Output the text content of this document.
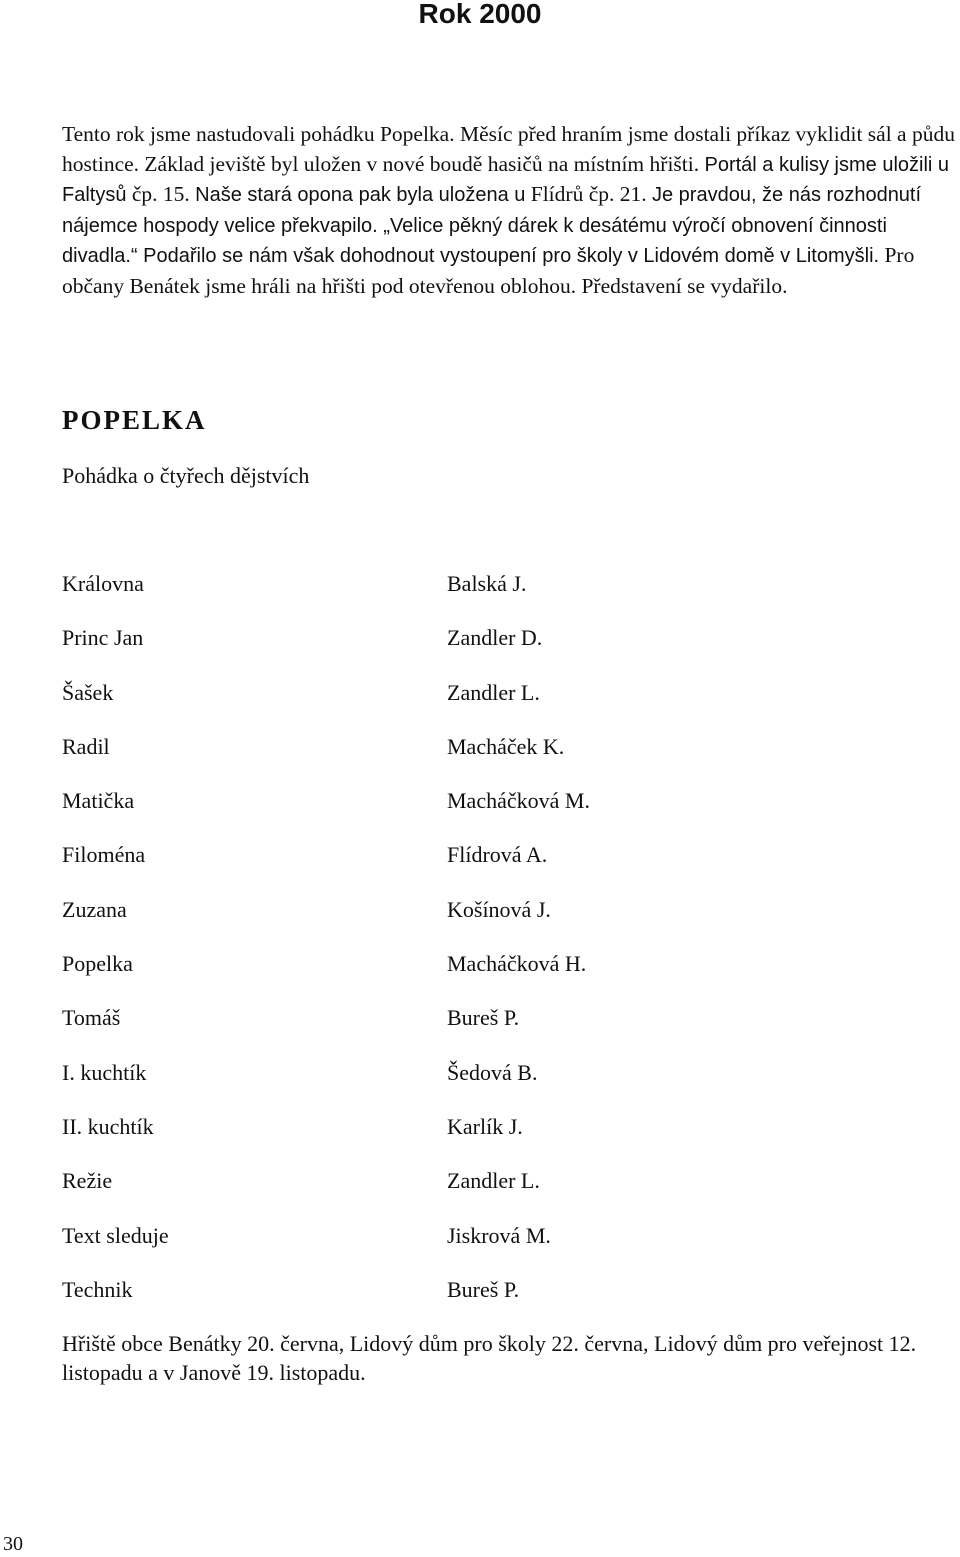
Rok 2000

Tento rok jsme nastudovali pohádku Popelka. Měsíc před hraním jsme dostali příkaz vyklidit sál a půdu hostince. Základ jeviště byl uložen v nové boudě hasičů na místním hřišti. Portál a kulisy jsme uložili u Faltysů čp. 15. Naše stará opona pak byla uložena u Flídrů čp. 21. Je pravdou, že nás rozhodnutí nájemce hospody velice překvapilo. „Velice pěkný dárek k desátému výročí obnovení činnosti divadla.“ Podařilo se nám však dohodnout vystoupení pro školy v Lidovém domě v Litomyšli. Pro občany Benátek jsme hráli na hřišti pod otevřenou oblohou. Představení se vydařilo.

POPELKA

Pohádka o čtyřech dějstvích

Královna	Balská J.
Princ Jan	Zandler D.
Šašek	Zandler L.
Radil	Macháček K.
Matička	Macháčková M.
Filoména	Flídrová A.
Zuzana	Košínová J.
Popelka	Macháčková H.
Tomáš	Bureš P.
I. kuchtík	Šedová B.
II. kuchtík	Karlík J.
Režie	Zandler L.
Text sleduje	Jiskrová M.
Technik	Bureš P.

Hřiště obce Benátky 20. června, Lidový dům pro školy 22. června, Lidový dům pro veřejnost 12. listopadu a v Janově 19. listopadu.

30
